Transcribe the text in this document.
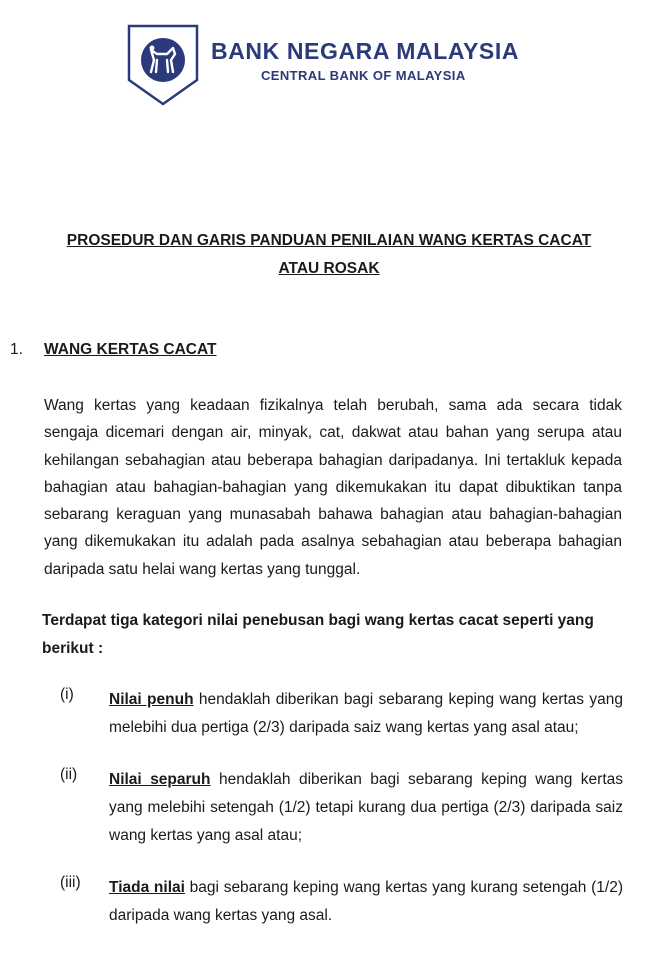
BANK NEGARA MALAYSIA
CENTRAL BANK OF MALAYSIA
PROSEDUR DAN GARIS PANDUAN PENILAIAN WANG KERTAS CACAT
ATAU ROSAK
1. WANG KERTAS CACAT
Wang kertas yang keadaan fizikalnya telah berubah, sama ada secara tidak sengaja dicemari dengan air, minyak, cat, dakwat atau bahan yang serupa atau kehilangan sebahagian atau beberapa bahagian daripadanya. Ini tertakluk kepada bahagian atau bahagian-bahagian yang dikemukakan itu dapat dibuktikan tanpa sebarang keraguan yang munasabah bahawa bahagian atau bahagian-bahagian yang dikemukakan itu adalah pada asalnya sebahagian atau beberapa bahagian daripada satu helai wang kertas yang tunggal.
Terdapat tiga kategori nilai penebusan bagi wang kertas cacat seperti yang berikut :
(i) Nilai penuh hendaklah diberikan bagi sebarang keping wang kertas yang melebihi dua pertiga (2/3) daripada saiz wang kertas yang asal atau;
(ii) Nilai separuh hendaklah diberikan bagi sebarang keping wang kertas yang melebihi setengah (1/2) tetapi kurang dua pertiga (2/3) daripada saiz wang kertas yang asal atau;
(iii) Tiada nilai bagi sebarang keping wang kertas yang kurang setengah (1/2) daripada wang kertas yang asal.
